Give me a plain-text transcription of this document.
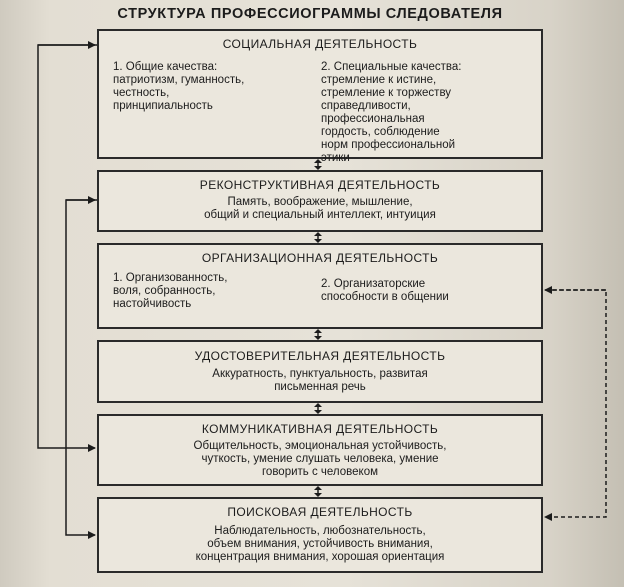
СТРУКТУРА ПРОФЕССИОГРАММЫ СЛЕДОВАТЕЛЯ
СОЦИАЛЬНАЯ ДЕЯТЕЛЬНОСТЬ
1. Общие качества:
патриотизм, гуманность,
честность,
принципиальность
2. Специальные качества:
стремление к истине,
стремление к торжеству
справедливости,
профессиональная
гордость, соблюдение
норм профессиональной
этики
РЕКОНСТРУКТИВНАЯ ДЕЯТЕЛЬНОСТЬ
Память, воображение, мышление,
общий и специальный интеллект, интуиция
ОРГАНИЗАЦИОННАЯ ДЕЯТЕЛЬНОСТЬ
1. Организованность,
воля, собранность,
настойчивость
2. Организаторские
способности в общении
УДОСТОВЕРИТЕЛЬНАЯ ДЕЯТЕЛЬНОСТЬ
Аккуратность, пунктуальность, развитая
письменная речь
КОММУНИКАТИВНАЯ ДЕЯТЕЛЬНОСТЬ
Общительность, эмоциональная устойчивость,
чуткость, умение слушать человека, умение
говорить с человеком
ПОИСКОВАЯ ДЕЯТЕЛЬНОСТЬ
Наблюдательность, любознательность,
объем внимания, устойчивость внимания,
концентрация внимания, хорошая ориентация
